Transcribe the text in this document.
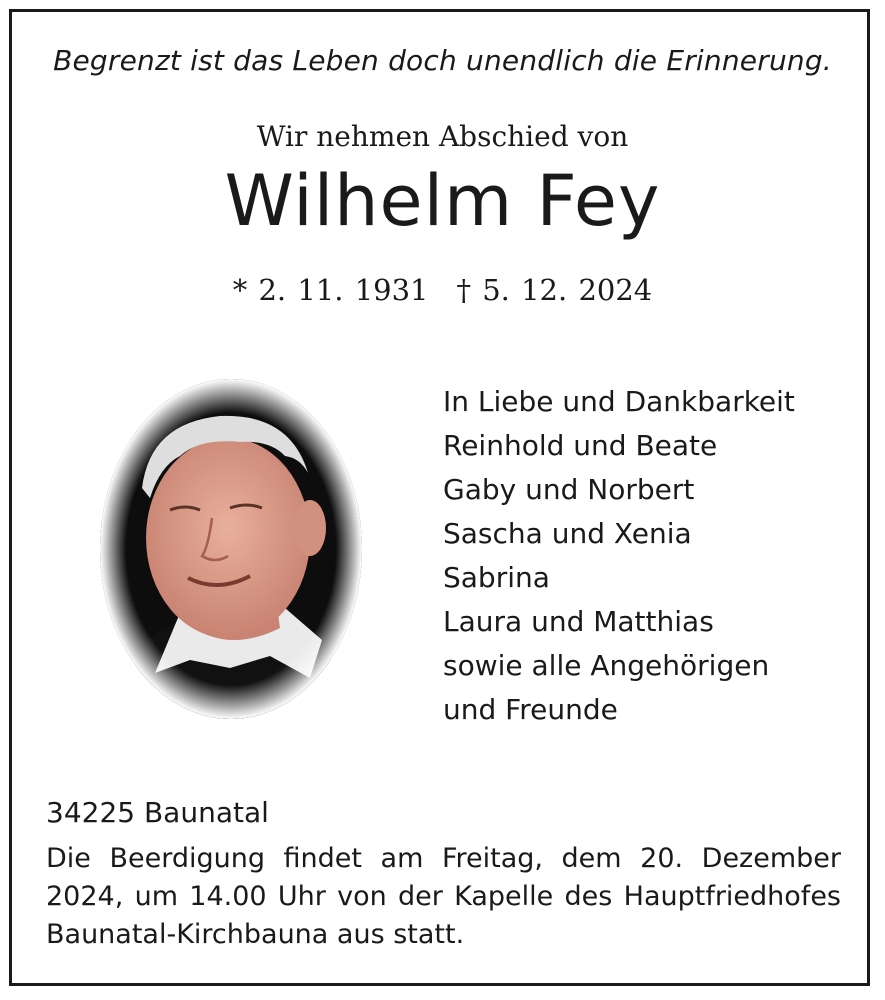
Begrenzt ist das Leben doch unendlich die Erinnerung.
Wir nehmen Abschied von
Wilhelm Fey
* 2. 11. 1931 † 5. 12. 2024
In Liebe und Dankbarkeit
Reinhold und Beate
Gaby und Norbert
Sascha und Xenia
Sabrina
Laura und Matthias
sowie alle Angehörigen
und Freunde
34225 Baunatal
Die Beerdigung findet am Freitag, dem 20. Dezember
2024, um 14.00 Uhr von der Kapelle des Hauptfriedhofes
Baunatal-Kirchbauna aus statt.
